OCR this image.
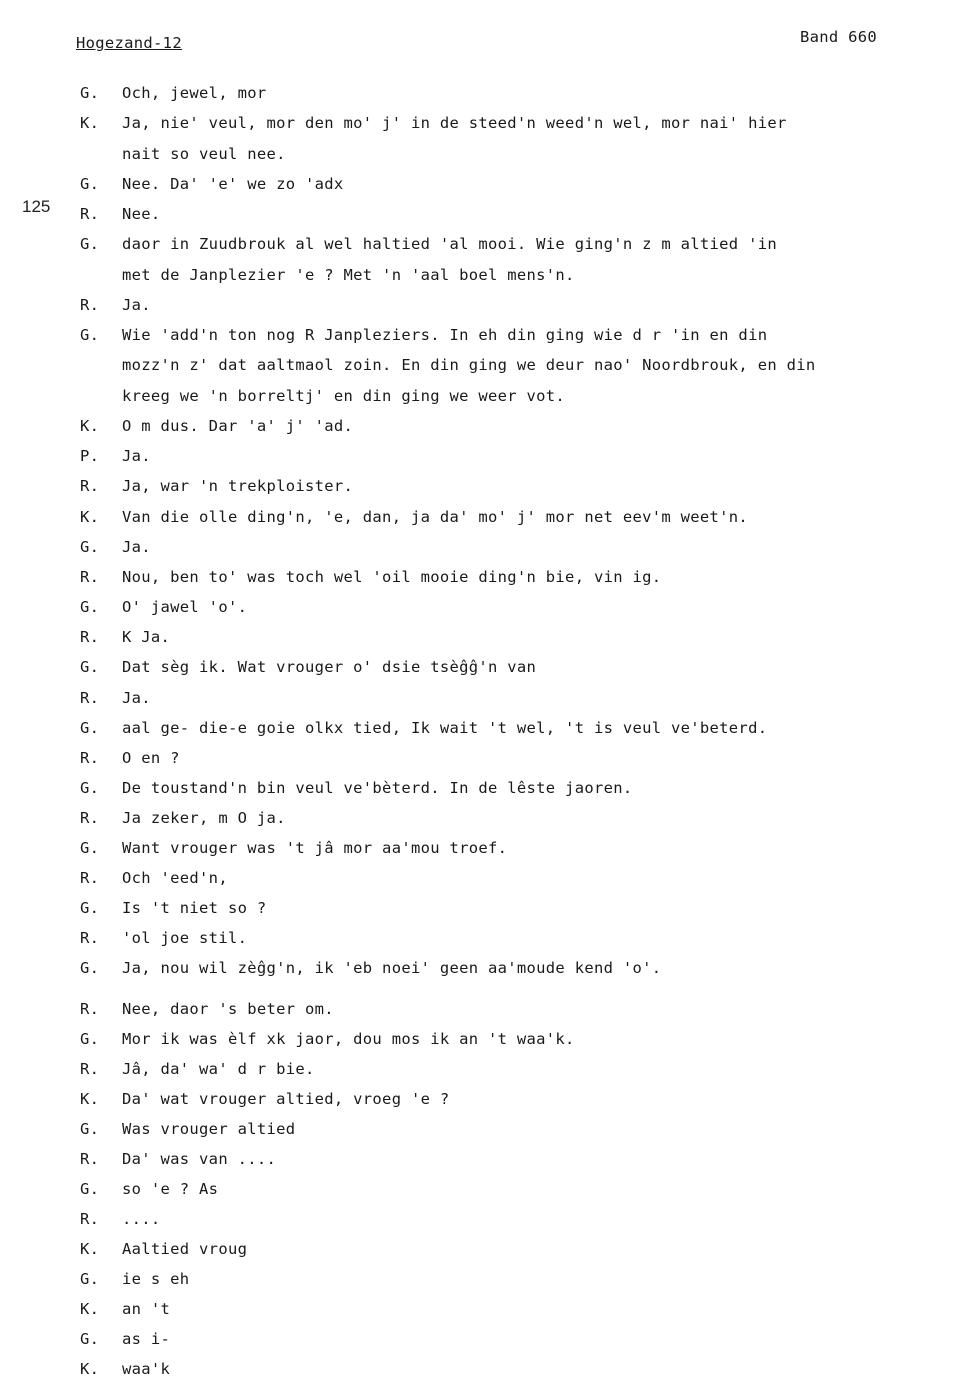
Hogezand-12	Band 660
125
G. Och, jewel, mor
K. Ja, nie' veul, mor den mo' j' in de steed'n weed'n wel, mor nai' hier
nait so veul nee.
G. Nee. Da' 'e' we zo 'adx
R. Nee.
G. daor in Zuudbrouk al wel haltied 'al mooi. Wie ging'n z m altied 'in
met de Janplezier 'e ? Met 'n 'aal boel mens'n.
R. Ja.
G. Wie 'add'n ton nog R Janpleziers. In eh din ging wie d r 'in en din
mozz'n z' dat aaltmaol zoin. En din ging we deur nao' Noordbrouk, en din
kreeg we 'n borreltj' en din ging we weer vot.
K. O m dus. Dar 'a' j' 'ad.
P. Ja.
R. Ja, war 'n trekploister.
K. Van die olle ding'n, 'e, dan, ja da' mo' j' mor net eev'm weet'n.
G. Ja.
R. Nou, ben to' was toch wel 'oil mooie ding'n bie, vin ig.
G. O' jawel 'o'.
R. K Ja.
G. Dat sèg ik. Wat vrouger o' dsie tsèĝĝ'n van
R. Ja.
G. aal ge- die-e goie olkx tied, Ik wait 't wel, 't is veul ve'beterd.
R. O en ?
G. De toustand'n bin veul ve'bèterd. In de lêste jaoren.
R. Ja zeker, m O ja.
G. Want vrouger was 't jâ mor aa'mou troef.
R. Och 'eed'n,
G. Is 't niet so ?
R. 'ol joe stil.
G. Ja, nou wil zèĝg'n, ik 'eb noei' geen aa'moude kend 'o'.
R. Nee, daor 's beter om.
G. Mor ik was èlf xk jaor, dou mos ik an 't waa'k.
R. Jâ, da' wa' d r bie.
K. Da' wat vrouger altied, vroeg 'e ?
G. Was vrouger altied
R. Da' was van ....
G. so 'e ? As
R. ....
K. Aaltied vroug
G. ie s eh
K. an 't
G. as i-
K. waa'k
